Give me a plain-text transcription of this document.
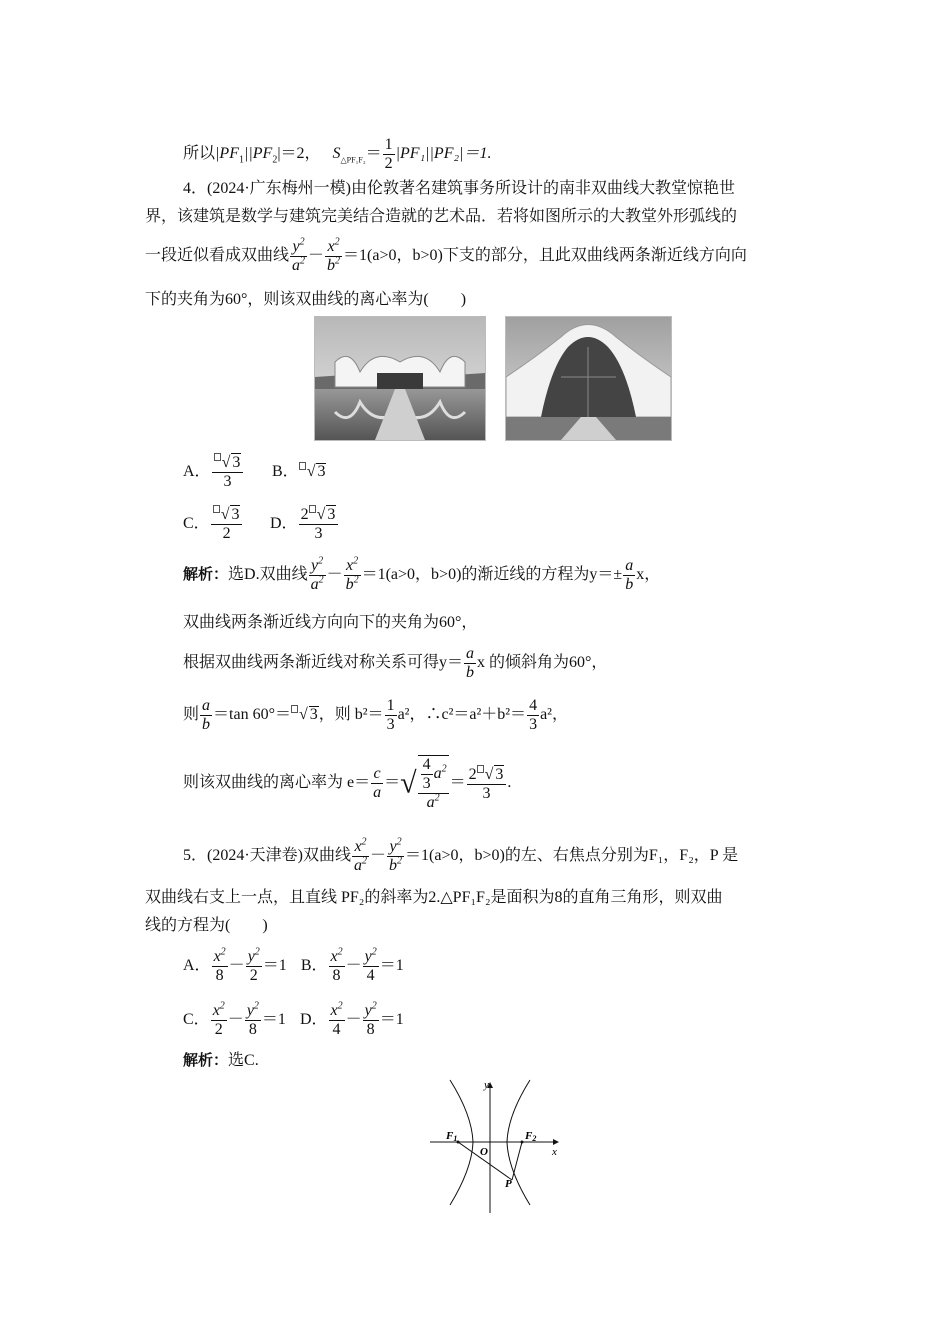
所以$|PF_1||PF_2|=2$， $S_{\triangle PF_1F_2}= \frac{1}{2} |PF_1||PF_2|=1$.
4．(2024·广东梅州一模)由伦敦著名建筑事务所设计的南非双曲线大教堂惊艳世
界，该建筑是数学与建筑完美结合造就的艺术品．若将如图所示的大教堂外形弧线的
一段近似看成双曲线 $\frac{y^2}{a^2} - \frac{x^2}{b^2} =1(a>0$，b>0)下支的部分，且此双曲线两条渐近线方向向
下的夹角为60°，则该双曲线的离心率为(　　)
A． $\frac{√ 3}{3}$ B． √ 3
C． $\frac{√ 3}{2}$ D． $\frac{2 √ 3}{3}$
解析：选D.双曲线 $\frac{y^2}{a^2} - \frac{x^2}{b^2} =1(a>0$，b>0)的渐近线的方程为$y=\pm \frac{a}{b}$ x，
双曲线两条渐近线方向向下的夹角为60°，
根据双曲线两条渐近线对称关系可得$y= \frac{a}{b}$ x 的倾斜角为60°，
则 $\frac{a}{b} =\tan$ 60°＝ √ 3，则 $b^2= \frac{1}{3} a^2$，∴c²＝a²＋b²＝ $\frac{4}{3} a^2$，
则该双曲线的离心率为 $e= \frac{c}{a}$ ＝√ $\frac{\frac{4}{3} a^2}{a^2} = \frac{2 √ 3}{3}$ .
5．(2024·天津卷)双曲线 $\frac{x^2}{a^2} - \frac{y^2}{b^2} =1(a>0$，b>0)的左、右焦点分别为F₁，F₂，P 是
双曲线右支上一点，且直线 PF₂的斜率为2.△PF₁F₂是面积为8的直角三角形，则双曲
线的方程为(　　)
A． $\frac{x^2}{8} - \frac{y^2}{2} =1$ B． $\frac{x^2}{8} - \frac{y^2}{4} =1$
C． $\frac{x^2}{2} - \frac{y^2}{8} =1$ D． $\frac{x^2}{4} - \frac{y^2}{8} =1$
解析：选C.
y
x
O
F1	F2
P
